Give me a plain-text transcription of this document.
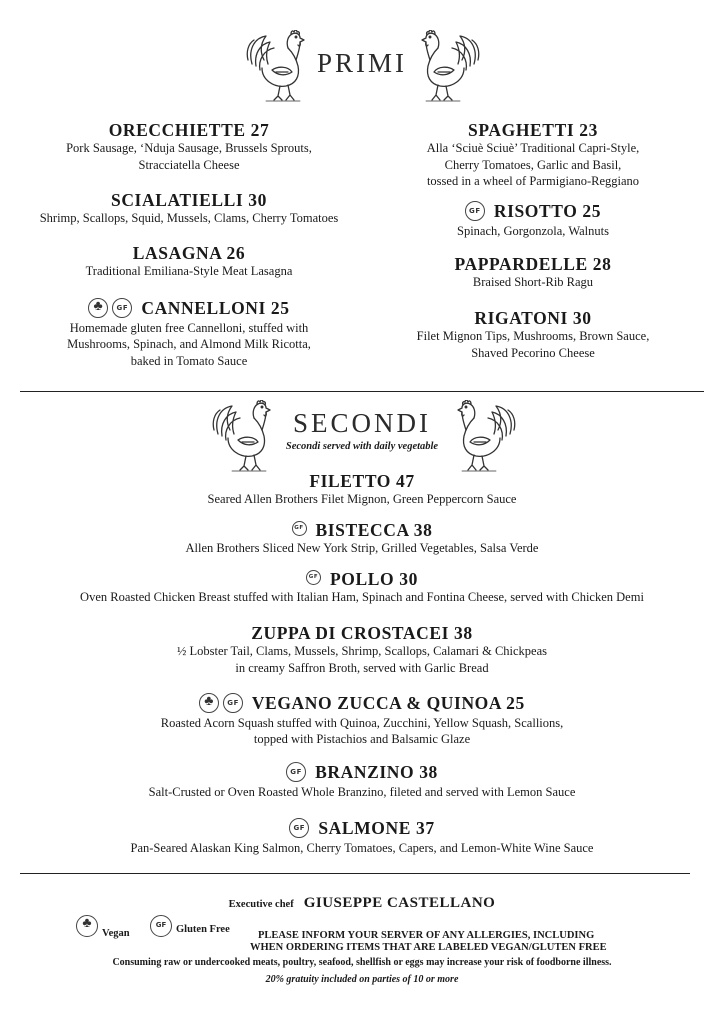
PRIMI
ORECCHIETTE 27
Pork Sausage, ‘Nduja Sausage, Brussels Sprouts,
Stracciatella Cheese
SCIALATIELLI 30
Shrimp, Scallops, Squid, Mussels, Clams, Cherry Tomatoes
LASAGNA 26
Traditional Emiliana-Style Meat Lasagna
♣GF CANNELLONI 25
Homemade gluten free Cannelloni, stuffed with
Mushrooms, Spinach, and Almond Milk Ricotta,
baked in Tomato Sauce
SPAGHETTI 23
Alla ‘Sciuè Sciuè’ Traditional Capri-Style,
Cherry Tomatoes, Garlic and Basil,
tossed in a wheel of Parmigiano-Reggiano
GF RISOTTO 25
Spinach, Gorgonzola, Walnuts
PAPPARDELLE 28
Braised Short-Rib Ragu
RIGATONI 30
Filet Mignon Tips, Mushrooms, Brown Sauce,
Shaved Pecorino Cheese
SECONDI
Secondi served with daily vegetable
FILETTO 47
Seared Allen Brothers Filet Mignon, Green Peppercorn Sauce
GF BISTECCA 38
Allen Brothers Sliced New York Strip, Grilled Vegetables, Salsa Verde
GF POLLO 30
Oven Roasted Chicken Breast stuffed with Italian Ham, Spinach and Fontina Cheese, served with Chicken Demi
ZUPPA DI CROSTACEI 38
½ Lobster Tail, Clams, Mussels, Shrimp, Scallops, Calamari & Chickpeas
in creamy Saffron Broth, served with Garlic Bread
♣GF VEGANO ZUCCA & QUINOA 25
Roasted Acorn Squash stuffed with Quinoa, Zucchini, Yellow Squash, Scallions,
topped with Pistachios and Balsamic Glaze
GF BRANZINO 38
Salt-Crusted or Oven Roasted Whole Branzino, fileted and served with Lemon Sauce
GF SALMONE 37
Pan-Seared Alaskan King Salmon, Cherry Tomatoes, Capers, and Lemon-White Wine Sauce
Executive chef GIUSEPPE CASTELLANO
♣Vegan
GF	Gluten Free
PLEASE INFORM YOUR SERVER OF ANY ALLERGIES, INCLUDING
WHEN ORDERING ITEMS THAT ARE LABELED VEGAN/GLUTEN FREE
Consuming raw or undercooked meats, poultry, seafood, shellfish or eggs may increase your risk of foodborne illness.
20% gratuity included on parties of 10 or more
